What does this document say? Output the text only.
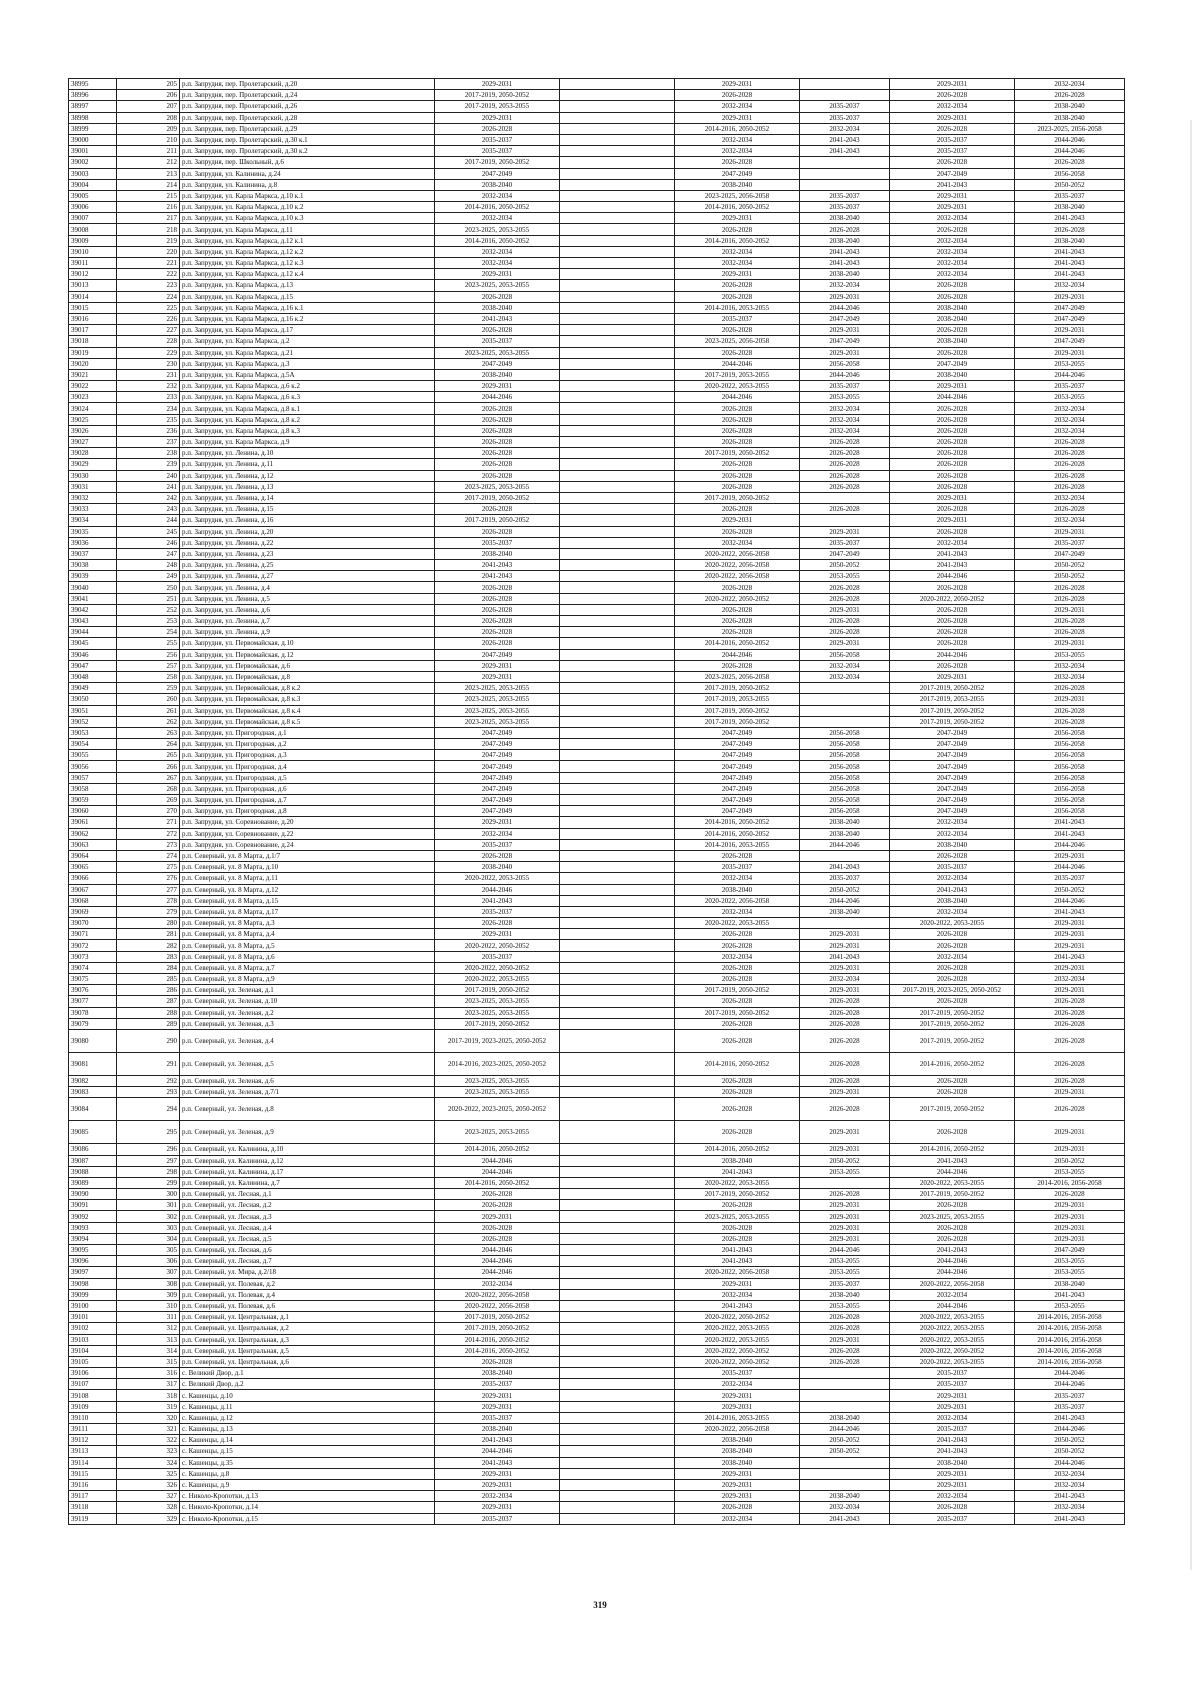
38995	205	р.п. Запрудня, пер. Пролетарский, д.20	2029-2031		2029-2031		2029-2031	2032-2034
38996	206	р.п. Запрудня, пер. Пролетарский, д.24	2017-2019, 2050-2052		2026-2028		2026-2028	2026-2028
38997	207	р.п. Запрудня, пер. Пролетарский, д.26	2017-2019, 2053-2055		2032-2034	2035-2037	2032-2034	2038-2040
38998	208	р.п. Запрудня, пер. Пролетарский, д.28	2029-2031		2029-2031	2035-2037	2029-2031	2038-2040
38999	209	р.п. Запрудня, пер. Пролетарский, д.29	2026-2028		2014-2016, 2050-2052	2032-2034	2026-2028	2023-2025, 2056-2058
39000	210	р.п. Запрудня, пер. Пролетарский, д.30 к.1	2035-2037		2032-2034	2041-2043	2035-2037	2044-2046
39001	211	р.п. Запрудня, пер. Пролетарский, д.30 к.2	2035-2037		2032-2034	2041-2043	2035-2037	2044-2046
39002	212	р.п. Запрудня, пер. Школьный, д.6	2017-2019, 2050-2052		2026-2028		2026-2028	2026-2028
39003	213	р.п. Запрудня, ул. Калинина, д.24	2047-2049		2047-2049		2047-2049	2056-2058
39004	214	р.п. Запрудня, ул. Калинина, д.8	2038-2040		2038-2040		2041-2043	2050-2052
39005	215	р.п. Запрудня, ул. Карла Маркса, д.10 к.1	2032-2034		2023-2025, 2056-2058	2035-2037	2029-2031	2035-2037
39006	216	р.п. Запрудня, ул. Карла Маркса, д.10 к.2	2014-2016, 2050-2052		2014-2016, 2050-2052	2035-2037	2029-2031	2038-2040
39007	217	р.п. Запрудня, ул. Карла Маркса, д.10 к.3	2032-2034		2029-2031	2038-2040	2032-2034	2041-2043
39008	218	р.п. Запрудня, ул. Карла Маркса, д.11	2023-2025, 2053-2055		2026-2028	2026-2028	2026-2028	2026-2028
39009	219	р.п. Запрудня, ул. Карла Маркса, д.12 к.1	2014-2016, 2050-2052		2014-2016, 2050-2052	2038-2040	2032-2034	2038-2040
39010	220	р.п. Запрудня, ул. Карла Маркса, д.12 к.2	2032-2034		2032-2034	2041-2043	2032-2034	2041-2043
39011	221	р.п. Запрудня, ул. Карла Маркса, д.12 к.3	2032-2034		2032-2034	2041-2043	2032-2034	2041-2043
39012	222	р.п. Запрудня, ул. Карла Маркса, д.12 к.4	2029-2031		2029-2031	2038-2040	2032-2034	2041-2043
39013	223	р.п. Запрудня, ул. Карла Маркса, д.13	2023-2025, 2053-2055		2026-2028	2032-2034	2026-2028	2032-2034
39014	224	р.п. Запрудня, ул. Карла Маркса, д.15	2026-2028		2026-2028	2029-2031	2026-2028	2029-2031
39015	225	р.п. Запрудня, ул. Карла Маркса, д.16 к.1	2038-2040		2014-2016, 2053-2055	2044-2046	2038-2040	2047-2049
39016	226	р.п. Запрудня, ул. Карла Маркса, д.16 к.2	2041-2043		2035-2037	2047-2049	2038-2040	2047-2049
39017	227	р.п. Запрудня, ул. Карла Маркса, д.17	2026-2028		2026-2028	2029-2031	2026-2028	2029-2031
39018	228	р.п. Запрудня, ул. Карла Маркса, д.2	2035-2037		2023-2025, 2056-2058	2047-2049	2038-2040	2047-2049
39019	229	р.п. Запрудня, ул. Карла Маркса, д.21	2023-2025, 2053-2055		2026-2028	2029-2031	2026-2028	2029-2031
39020	230	р.п. Запрудня, ул. Карла Маркса, д.3	2047-2049		2044-2046	2056-2058	2047-2049	2053-2055
39021	231	р.п. Запрудня, ул. Карла Маркса, д.5А	2038-2040		2017-2019, 2053-2055	2044-2046	2038-2040	2044-2046
39022	232	р.п. Запрудня, ул. Карла Маркса, д.6 к.2	2029-2031		2020-2022, 2053-2055	2035-2037	2029-2031	2035-2037
39023	233	р.п. Запрудня, ул. Карла Маркса, д.6 к.3	2044-2046		2044-2046	2053-2055	2044-2046	2053-2055
39024	234	р.п. Запрудня, ул. Карла Маркса, д.8 к.1	2026-2028		2026-2028	2032-2034	2026-2028	2032-2034
39025	235	р.п. Запрудня, ул. Карла Маркса, д.8 к.2	2026-2028		2026-2028	2032-2034	2026-2028	2032-2034
39026	236	р.п. Запрудня, ул. Карла Маркса, д.8 к.3	2026-2028		2026-2028	2032-2034	2026-2028	2032-2034
39027	237	р.п. Запрудня, ул. Карла Маркса, д.9	2026-2028		2026-2028	2026-2028	2026-2028	2026-2028
39028	238	р.п. Запрудня, ул. Ленина, д.10	2026-2028		2017-2019, 2050-2052	2026-2028	2026-2028	2026-2028
39029	239	р.п. Запрудня, ул. Ленина, д.11	2026-2028		2026-2028	2026-2028	2026-2028	2026-2028
39030	240	р.п. Запрудня, ул. Ленина, д.12	2026-2028		2026-2028	2026-2028	2026-2028	2026-2028
39031	241	р.п. Запрудня, ул. Ленина, д.13	2023-2025, 2053-2055		2026-2028	2026-2028	2026-2028	2026-2028
39032	242	р.п. Запрудня, ул. Ленина, д.14	2017-2019, 2050-2052		2017-2019, 2050-2052		2029-2031	2032-2034
39033	243	р.п. Запрудня, ул. Ленина, д.15	2026-2028		2026-2028	2026-2028	2026-2028	2026-2028
39034	244	р.п. Запрудня, ул. Ленина, д.16	2017-2019, 2050-2052		2029-2031		2029-2031	2032-2034
39035	245	р.п. Запрудня, ул. Ленина, д.20	2026-2028		2026-2028	2029-2031	2026-2028	2029-2031
39036	246	р.п. Запрудня, ул. Ленина, д.22	2035-2037		2032-2034	2035-2037	2032-2034	2035-2037
39037	247	р.п. Запрудня, ул. Ленина, д.23	2038-2040		2020-2022, 2056-2058	2047-2049	2041-2043	2047-2049
39038	248	р.п. Запрудня, ул. Ленина, д.25	2041-2043		2020-2022, 2056-2058	2050-2052	2041-2043	2050-2052
39039	249	р.п. Запрудня, ул. Ленина, д.27	2041-2043		2020-2022, 2056-2058	2053-2055	2044-2046	2050-2052
39040	250	р.п. Запрудня, ул. Ленина, д.4	2026-2028		2026-2028	2026-2028	2026-2028	2026-2028
39041	251	р.п. Запрудня, ул. Ленина, д.5	2026-2028		2020-2022, 2050-2052	2026-2028	2020-2022, 2050-2052	2026-2028
39042	252	р.п. Запрудня, ул. Ленина, д.6	2026-2028		2026-2028	2029-2031	2026-2028	2029-2031
39043	253	р.п. Запрудня, ул. Ленина, д.7	2026-2028		2026-2028	2026-2028	2026-2028	2026-2028
39044	254	р.п. Запрудня, ул. Ленина, д.9	2026-2028		2026-2028	2026-2028	2026-2028	2026-2028
39045	255	р.п. Запрудня, ул. Первомайская, д.10	2026-2028		2014-2016, 2050-2052	2029-2031	2026-2028	2029-2031
39046	256	р.п. Запрудня, ул. Первомайская, д.12	2047-2049		2044-2046	2056-2058	2044-2046	2053-2055
39047	257	р.п. Запрудня, ул. Первомайская, д.6	2029-2031		2026-2028	2032-2034	2026-2028	2032-2034
39048	258	р.п. Запрудня, ул. Первомайская, д.8	2029-2031		2023-2025, 2056-2058	2032-2034	2029-2031	2032-2034
39049	259	р.п. Запрудня, ул. Первомайская, д.8 к.2	2023-2025, 2053-2055		2017-2019, 2050-2052		2017-2019, 2050-2052	2026-2028
39050	260	р.п. Запрудня, ул. Первомайская, д.8 к.3	2023-2025, 2053-2055		2017-2019, 2053-2055		2017-2019, 2053-2055	2029-2031
39051	261	р.п. Запрудня, ул. Первомайская, д.8 к.4	2023-2025, 2053-2055		2017-2019, 2050-2052		2017-2019, 2050-2052	2026-2028
39052	262	р.п. Запрудня, ул. Первомайская, д.8 к.5	2023-2025, 2053-2055		2017-2019, 2050-2052		2017-2019, 2050-2052	2026-2028
39053	263	р.п. Запрудня, ул. Пригородная, д.1	2047-2049		2047-2049	2056-2058	2047-2049	2056-2058
39054	264	р.п. Запрудня, ул. Пригородная, д.2	2047-2049		2047-2049	2056-2058	2047-2049	2056-2058
39055	265	р.п. Запрудня, ул. Пригородная, д.3	2047-2049		2047-2049	2056-2058	2047-2049	2056-2058
39056	266	р.п. Запрудня, ул. Пригородная, д.4	2047-2049		2047-2049	2056-2058	2047-2049	2056-2058
39057	267	р.п. Запрудня, ул. Пригородная, д.5	2047-2049		2047-2049	2056-2058	2047-2049	2056-2058
39058	268	р.п. Запрудня, ул. Пригородная, д.6	2047-2049		2047-2049	2056-2058	2047-2049	2056-2058
39059	269	р.п. Запрудня, ул. Пригородная, д.7	2047-2049		2047-2049	2056-2058	2047-2049	2056-2058
39060	270	р.п. Запрудня, ул. Пригородная, д.8	2047-2049		2047-2049	2056-2058	2047-2049	2056-2058
39061	271	р.п. Запрудня, ул. Соревнование, д.20	2029-2031		2014-2016, 2050-2052	2038-2040	2032-2034	2041-2043
39062	272	р.п. Запрудня, ул. Соревнование, д.22	2032-2034		2014-2016, 2050-2052	2038-2040	2032-2034	2041-2043
39063	273	р.п. Запрудня, ул. Соревнование, д.24	2035-2037		2014-2016, 2053-2055	2044-2046	2038-2040	2044-2046
39064	274	р.п. Северный, ул. 8 Марта, д.1/7	2026-2028		2026-2028		2026-2028	2029-2031
39065	275	р.п. Северный, ул. 8 Марта, д.10	2038-2040		2035-2037	2041-2043	2035-2037	2044-2046
39066	276	р.п. Северный, ул. 8 Марта, д.11	2020-2022, 2053-2055		2032-2034	2035-2037	2032-2034	2035-2037
39067	277	р.п. Северный, ул. 8 Марта, д.12	2044-2046		2038-2040	2050-2052	2041-2043	2050-2052
39068	278	р.п. Северный, ул. 8 Марта, д.15	2041-2043		2020-2022, 2056-2058	2044-2046	2038-2040	2044-2046
39069	279	р.п. Северный, ул. 8 Марта, д.17	2035-2037		2032-2034	2038-2040	2032-2034	2041-2043
39070	280	р.п. Северный, ул. 8 Марта, д.3	2026-2028		2020-2022, 2053-2055		2020-2022, 2053-2055	2029-2031
39071	281	р.п. Северный, ул. 8 Марта, д.4	2029-2031		2026-2028	2029-2031	2026-2028	2029-2031
39072	282	р.п. Северный, ул. 8 Марта, д.5	2020-2022, 2050-2052		2026-2028	2029-2031	2026-2028	2029-2031
39073	283	р.п. Северный, ул. 8 Марта, д.6	2035-2037		2032-2034	2041-2043	2032-2034	2041-2043
39074	284	р.п. Северный, ул. 8 Марта, д.7	2020-2022, 2050-2052		2026-2028	2029-2031	2026-2028	2029-2031
39075	285	р.п. Северный, ул. 8 Марта, д.9	2020-2022, 2053-2055		2026-2028	2032-2034	2026-2028	2032-2034
39076	286	р.п. Северный, ул. Зеленая, д.1	2017-2019, 2050-2052		2017-2019, 2050-2052	2029-2031	2017-2019, 2023-2025, 2050-2052	2029-2031
39077	287	р.п. Северный, ул. Зеленая, д.10	2023-2025, 2053-2055		2026-2028	2026-2028	2026-2028	2026-2028
39078	288	р.п. Северный, ул. Зеленая, д.2	2023-2025, 2053-2055		2017-2019, 2050-2052	2026-2028	2017-2019, 2050-2052	2026-2028
39079	289	р.п. Северный, ул. Зеленая, д.3	2017-2019, 2050-2052		2026-2028	2026-2028	2017-2019, 2050-2052	2026-2028
39080	290	р.п. Северный, ул. Зеленая, д.4	2017-2019, 2023-2025, 2050-2052		2026-2028	2026-2028	2017-2019, 2050-2052	2026-2028
39081	291	р.п. Северный, ул. Зеленая, д.5	2014-2016, 2023-2025, 2050-2052		2014-2016, 2050-2052	2026-2028	2014-2016, 2050-2052	2026-2028
39082	292	р.п. Северный, ул. Зеленая, д.6	2023-2025, 2053-2055		2026-2028	2026-2028	2026-2028	2026-2028
39083	293	р.п. Северный, ул. Зеленая, д.7/1	2023-2025, 2053-2055		2026-2028	2029-2031	2026-2028	2029-2031
39084	294	р.п. Северный, ул. Зеленая, д.8	2020-2022, 2023-2025, 2050-2052		2026-2028	2026-2028	2017-2019, 2050-2052	2026-2028
39085	295	р.п. Северный, ул. Зеленая, д.9	2023-2025, 2053-2055		2026-2028	2029-2031	2026-2028	2029-2031
39086	296	р.п. Северный, ул. Калинина, д.10	2014-2016, 2050-2052		2014-2016, 2050-2052	2029-2031	2014-2016, 2050-2052	2029-2031
39087	297	р.п. Северный, ул. Калинина, д.12	2044-2046		2038-2040	2050-2052	2041-2043	2050-2052
39088	298	р.п. Северный, ул. Калинина, д.17	2044-2046		2041-2043	2053-2055	2044-2046	2053-2055
39089	299	р.п. Северный, ул. Калинина, д.7	2014-2016, 2050-2052		2020-2022, 2053-2055		2020-2022, 2053-2055	2014-2016, 2056-2058
39090	300	р.п. Северный, ул. Лесная, д.1	2026-2028		2017-2019, 2050-2052	2026-2028	2017-2019, 2050-2052	2026-2028
39091	301	р.п. Северный, ул. Лесная, д.2	2026-2028		2026-2028	2029-2031	2026-2028	2029-2031
39092	302	р.п. Северный, ул. Лесная, д.3	2029-2031		2023-2025, 2053-2055	2029-2031	2023-2025, 2053-2055	2029-2031
39093	303	р.п. Северный, ул. Лесная, д.4	2026-2028		2026-2028	2029-2031	2026-2028	2029-2031
39094	304	р.п. Северный, ул. Лесная, д.5	2026-2028		2026-2028	2029-2031	2026-2028	2029-2031
39095	305	р.п. Северный, ул. Лесная, д.6	2044-2046		2041-2043	2044-2046	2041-2043	2047-2049
39096	306	р.п. Северный, ул. Лесная, д.7	2044-2046		2041-2043	2053-2055	2044-2046	2053-2055
39097	307	р.п. Северный, ул. Мира, д.2/18	2044-2046		2020-2022, 2056-2058	2053-2055	2044-2046	2053-2055
39098	308	р.п. Северный, ул. Полевая, д.2	2032-2034		2029-2031	2035-2037	2020-2022, 2056-2058	2038-2040
39099	309	р.п. Северный, ул. Полевая, д.4	2020-2022, 2056-2058		2032-2034	2038-2040	2032-2034	2041-2043
39100	310	р.п. Северный, ул. Полевая, д.6	2020-2022, 2056-2058		2041-2043	2053-2055	2044-2046	2053-2055
39101	311	р.п. Северный, ул. Центральная, д.1	2017-2019, 2050-2052		2020-2022, 2050-2052	2026-2028	2020-2022, 2053-2055	2014-2016, 2056-2058
39102	312	р.п. Северный, ул. Центральная, д.2	2017-2019, 2050-2052		2020-2022, 2053-2055	2026-2028	2020-2022, 2053-2055	2014-2016, 2056-2058
39103	313	р.п. Северный, ул. Центральная, д.3	2014-2016, 2050-2052		2020-2022, 2053-2055	2029-2031	2020-2022, 2053-2055	2014-2016, 2056-2058
39104	314	р.п. Северный, ул. Центральная, д.5	2014-2016, 2050-2052		2020-2022, 2050-2052	2026-2028	2020-2022, 2050-2052	2014-2016, 2056-2058
39105	315	р.п. Северный, ул. Центральная, д.6	2026-2028		2020-2022, 2050-2052	2026-2028	2020-2022, 2053-2055	2014-2016, 2056-2058
39106	316	с. Великий Двор, д.1	2038-2040		2035-2037		2035-2037	2044-2046
39107	317	с. Великий Двор, д.2	2035-2037		2032-2034		2035-2037	2044-2046
39108	318	с. Кашенцы, д.10	2029-2031		2029-2031		2029-2031	2035-2037
39109	319	с. Кашенцы, д.11	2029-2031		2029-2031		2029-2031	2035-2037
39110	320	с. Кашенцы, д.12	2035-2037		2014-2016, 2053-2055	2038-2040	2032-2034	2041-2043
39111	321	с. Кашенцы, д.13	2038-2040		2020-2022, 2056-2058	2044-2046	2035-2037	2044-2046
39112	322	с. Кашенцы, д.14	2041-2043		2038-2040	2050-2052	2041-2043	2050-2052
39113	323	с. Кашенцы, д.15	2044-2046		2038-2040	2050-2052	2041-2043	2050-2052
39114	324	с. Кашенцы, д.35	2041-2043		2038-2040		2038-2040	2044-2046
39115	325	с. Кашенцы, д.8	2029-2031		2029-2031		2029-2031	2032-2034
39116	326	с. Кашенцы, д.9	2029-2031		2029-2031		2029-2031	2032-2034
39117	327	с. Николо-Кропотки, д.13	2032-2034		2029-2031	2038-2040	2032-2034	2041-2043
39118	328	с. Николо-Кропотки, д.14	2029-2031		2026-2028	2032-2034	2026-2028	2032-2034
39119	329	с. Николо-Кропотки, д.15	2035-2037		2032-2034	2041-2043	2035-2037	2041-2043
319
